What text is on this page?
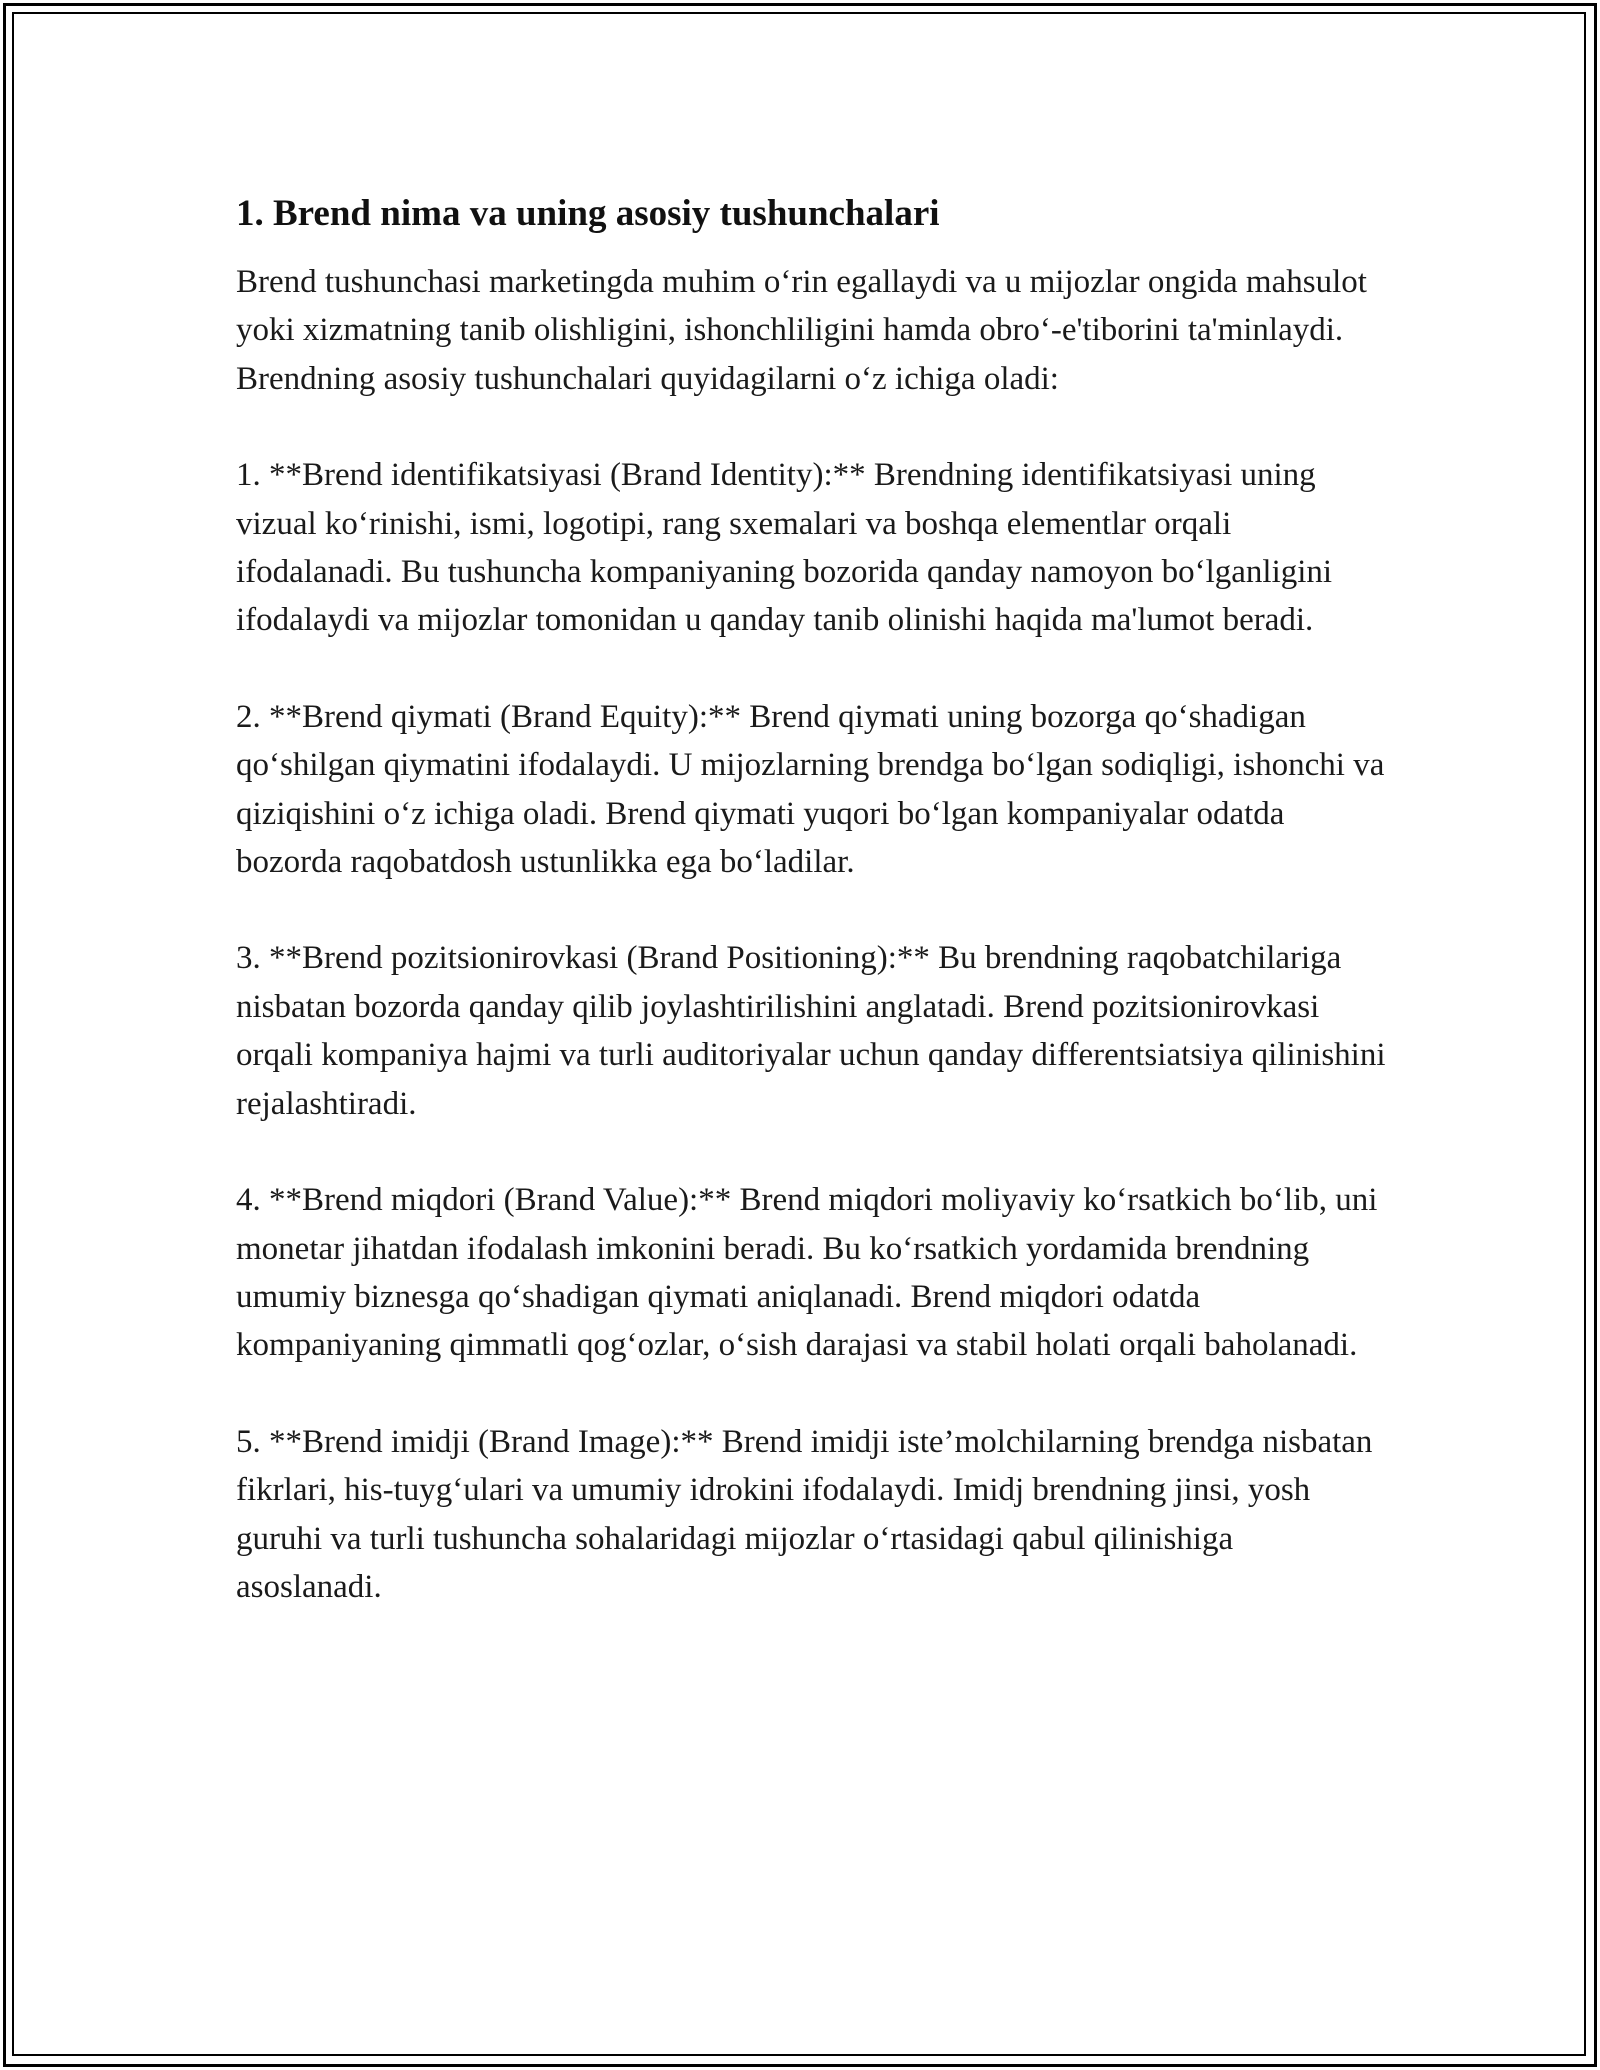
1. Brend nima va uning asosiy tushunchalari

Brend tushunchasi marketingda muhim o‘rin egallaydi va u mijozlar ongida mahsulot yoki xizmatning tanib olishligini, ishonchliligini hamda obro‘-e'tiborini ta'minlaydi. Brendning asosiy tushunchalari quyidagilarni o‘z ichiga oladi:

1. **Brend identifikatsiyasi (Brand Identity):** Brendning identifikatsiyasi uning vizual ko‘rinishi, ismi, logotipi, rang sxemalari va boshqa elementlar orqali ifodalanadi. Bu tushuncha kompaniyaning bozorida qanday namoyon bo‘lganligini ifodalaydi va mijozlar tomonidan u qanday tanib olinishi haqida ma'lumot beradi.

2. **Brend qiymati (Brand Equity):** Brend qiymati uning bozorga qo‘shadigan qo‘shilgan qiymatini ifodalaydi. U mijozlarning brendga bo‘lgan sodiqligi, ishonchi va qiziqishini o‘z ichiga oladi. Brend qiymati yuqori bo‘lgan kompaniyalar odatda bozorda raqobatdosh ustunlikka ega bo‘ladilar.

3. **Brend pozitsionirovkasi (Brand Positioning):** Bu brendning raqobatchilariga nisbatan bozorda qanday qilib joylashtirilishini anglatadi. Brend pozitsionirovkasi orqali kompaniya hajmi va turli auditoriyalar uchun qanday differentsiatsiya qilinishini rejalashtiradi.

4. **Brend miqdori (Brand Value):** Brend miqdori moliyaviy ko‘rsatkich bo‘lib, uni monetar jihatdan ifodalash imkonini beradi. Bu ko‘rsatkich yordamida brendning umumiy biznesga qo‘shadigan qiymati aniqlanadi. Brend miqdori odatda kompaniyaning qimmatli qog‘ozlar, o‘sish darajasi va stabil holati orqali baholanadi.

5. **Brend imidji (Brand Image):** Brend imidji iste’molchilarning brendga nisbatan fikrlari, his-tuyg‘ulari va umumiy idrokini ifodalaydi. Imidj brendning jinsi, yosh guruhi va turli tushuncha sohalaridagi mijozlar o‘rtasidagi qabul qilinishiga asoslanadi.
